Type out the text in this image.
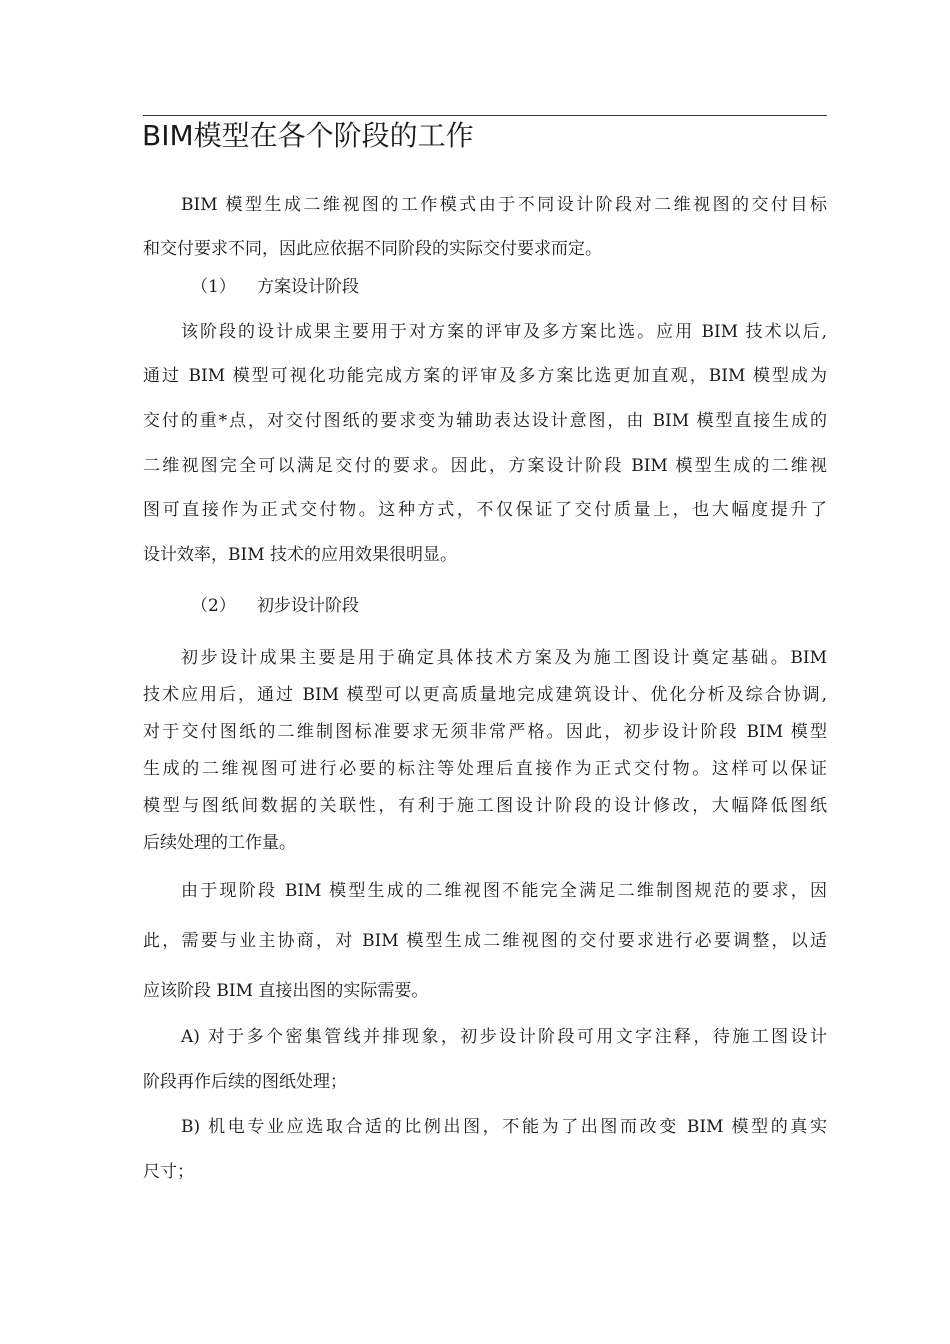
BIM模型在各个阶段的工作

BIM 模型生成二维视图的工作模式由于不同设计阶段对二维视图的交付目标

和交付要求不同，因此应依据不同阶段的实际交付要求而定。

（1） 方案设计阶段

该阶段的设计成果主要用于对方案的评审及多方案比选。应用 BIM 技术以后,

通过 BIM 模型可视化功能完成方案的评审及多方案比选更加直观，BIM 模型成为

交付的重*点，对交付图纸的要求变为辅助表达设计意图，由 BIM 模型直接生成的

二维视图完全可以满足交付的要求。因此，方案设计阶段 BIM 模型生成的二维视

图可直接作为正式交付物。这种方式，不仅保证了交付质量上，也大幅度提升了

设计效率，BIM 技术的应用效果很明显。

（2） 初步设计阶段

初步设计成果主要是用于确定具体技术方案及为施工图设计奠定基础。BIM

技术应用后，通过 BIM 模型可以更高质量地完成建筑设计、优化分析及综合协调,

对于交付图纸的二维制图标准要求无须非常严格。因此，初步设计阶段 BIM 模型

生成的二维视图可进行必要的标注等处理后直接作为正式交付物。这样可以保证

模型与图纸间数据的关联性，有利于施工图设计阶段的设计修改，大幅降低图纸

后续处理的工作量。

由于现阶段 BIM 模型生成的二维视图不能完全满足二维制图规范的要求，因

此，需要与业主协商，对 BIM 模型生成二维视图的交付要求进行必要调整，以适

应该阶段 BIM 直接出图的实际需要。

A) 对于多个密集管线并排现象，初步设计阶段可用文字注释，待施工图设计

阶段再作后续的图纸处理；

B) 机电专业应选取合适的比例出图，不能为了出图而改变 BIM 模型的真实

尺寸；
